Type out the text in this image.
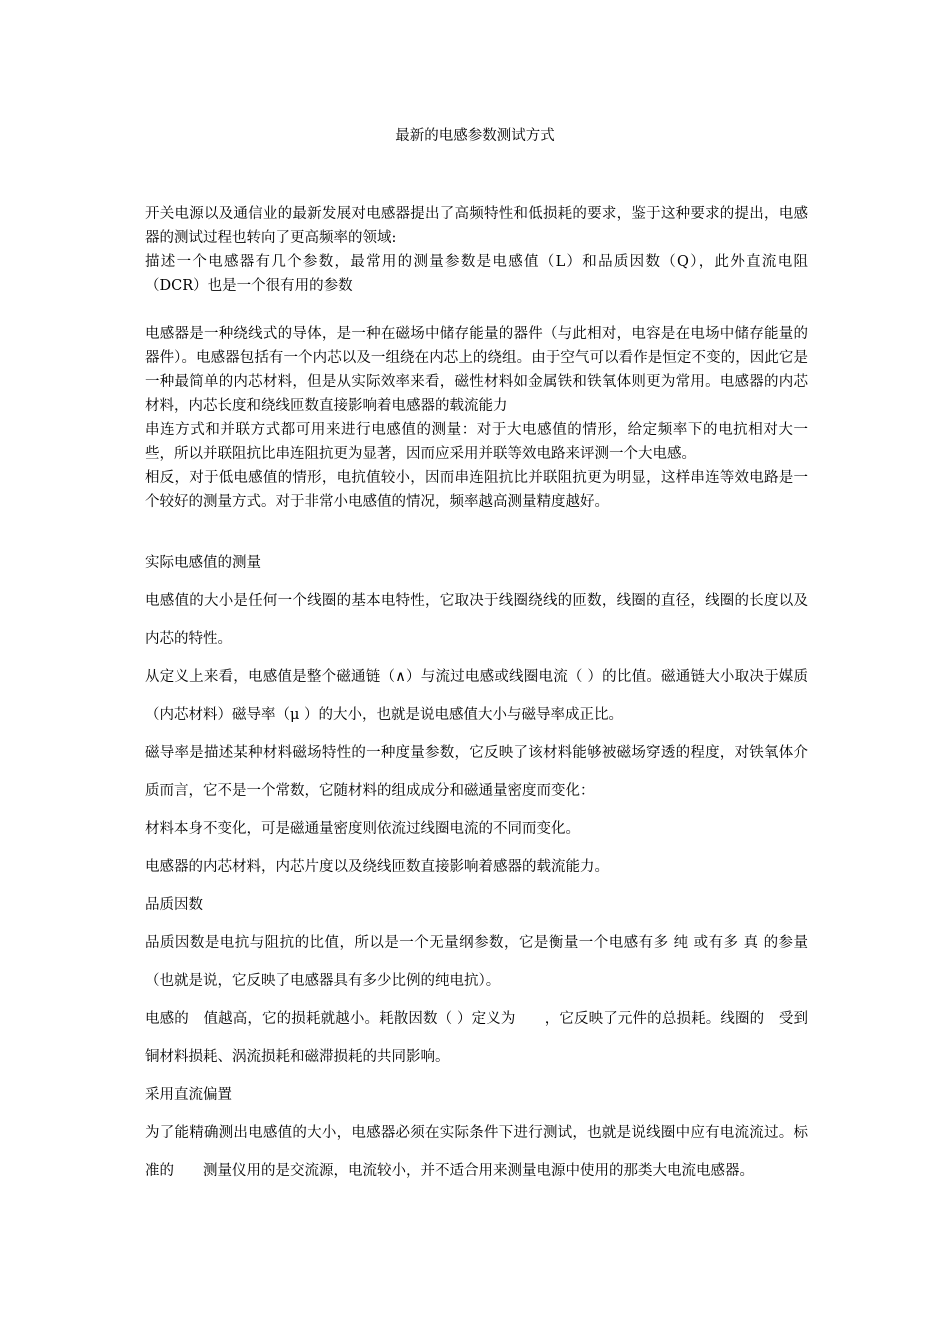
最新的电感参数测试方式

开关电源以及通信业的最新发展对电感器提出了高频特性和低损耗的要求，鉴于这种要求的提出，电感器的测试过程也转向了更高频率的领域:

描述一个电感器有几个参数，最常用的测量参数是电感值（L）和品质因数（Q），此外直流电阻（DCR）也是一个很有用的参数

电感器是一种绕线式的导体，是一种在磁场中储存能量的器件（与此相对，电容是在电场中储存能量的器件）。电感器包括有一个内芯以及一组绕在内芯上的绕组。由于空气可以看作是恒定不变的，因此它是一种最简单的内芯材料，但是从实际效率来看，磁性材料如金属铁和铁氧体则更为常用。电感器的内芯材料，内芯长度和绕线匝数直接影响着电感器的载流能力

串连方式和并联方式都可用来进行电感值的测量：对于大电感值的情形，给定频率下的电抗相对大一些，所以并联阻抗比串连阻抗更为显著，因而应采用并联等效电路来评测一个大电感。

相反，对于低电感值的情形，电抗值较小，因而串连阻抗比并联阻抗更为明显，这样串连等效电路是一个较好的测量方式。对于非常小电感值的情况，频率越高测量精度越好。

实际电感值的测量

电感值的大小是任何一个线圈的基本电特性，它取决于线圈绕线的匝数，线圈的直径，线圈的长度以及内芯的特性。

从定义上来看，电感值是整个磁通链（∧）与流过电感或线圈电流（ ）的比值。磁通链大小取决于媒质（内芯材料）磁导率（μ ）的大小，也就是说电感值大小与磁导率成正比。

磁导率是描述某种材料磁场特性的一种度量参数，它反映了该材料能够被磁场穿透的程度，对铁氧体介质而言，它不是一个常数，它随材料的组成成分和磁通量密度而变化：

材料本身不变化，可是磁通量密度则依流过线圈电流的不同而变化。

电感器的内芯材料，内芯片度以及绕线匝数直接影响着感器的载流能力。

品质因数

品质因数是电抗与阻抗的比值，所以是一个无量纲参数，它是衡量一个电感有多 纯 或有多 真 的参量（也就是说，它反映了电感器具有多少比例的纯电抗）。

电感的　值越高，它的损耗就越小。耗散因数（ ）定义为　　，它反映了元件的总损耗。线圈的　受到铜材料损耗、涡流损耗和磁滞损耗的共同影响。

采用直流偏置

为了能精确测出电感值的大小，电感器必须在实际条件下进行测试，也就是说线圈中应有电流流过。标准的　　测量仪用的是交流源，电流较小，并不适合用来测量电源中使用的那类大电流电感器。
